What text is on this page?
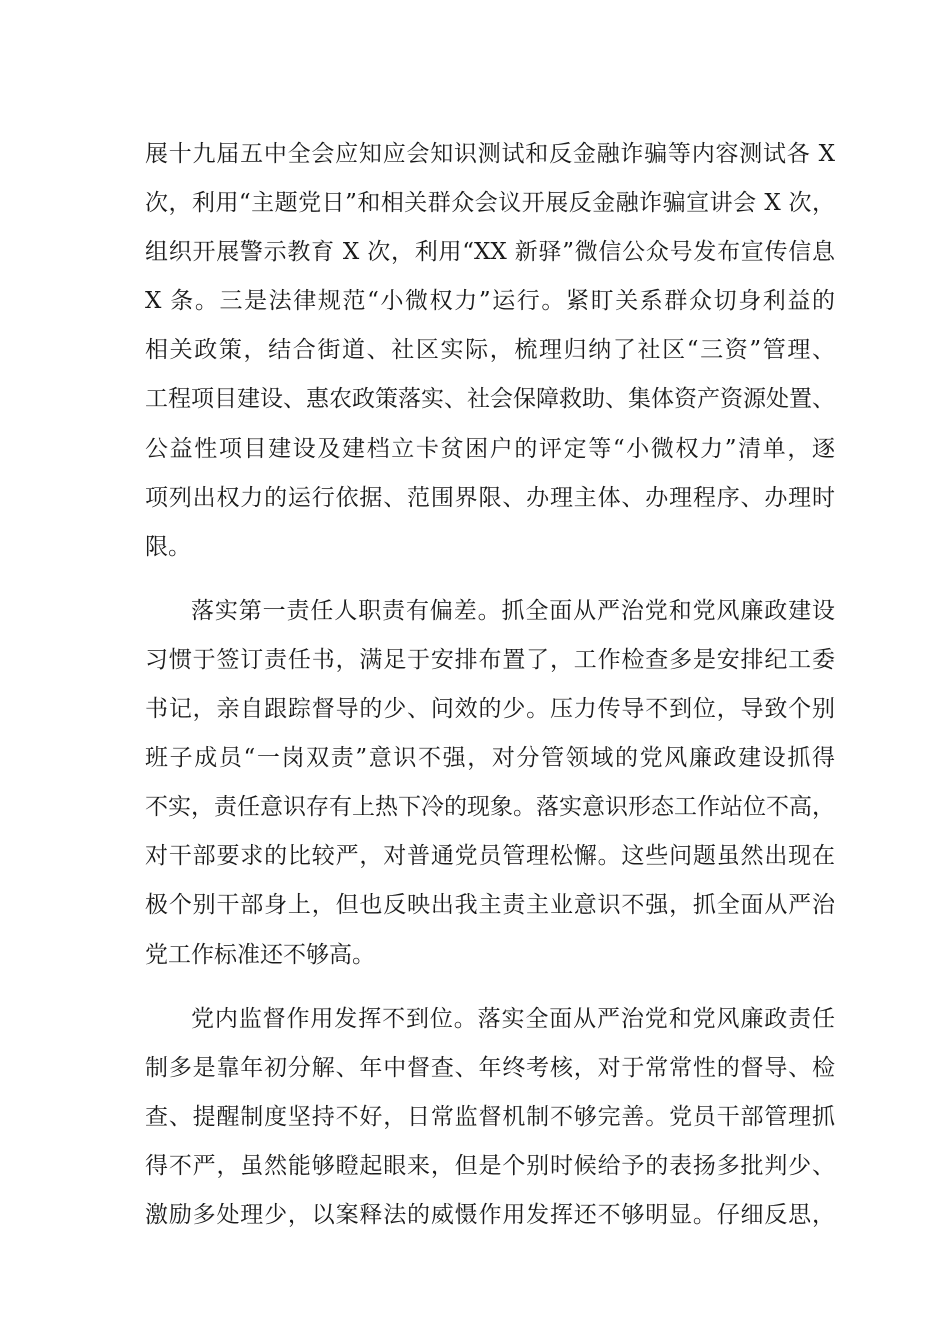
展十九届五中全会应知应会知识测试和反金融诈骗等内容测试各 X
次，利用“主题党日”和相关群众会议开展反金融诈骗宣讲会 X 次，
组织开展警示教育 X 次，利用“XX 新驿”微信公众号发布宣传信息
X 条。三是法律规范“小微权力”运行。紧盯关系群众切身利益的
相关政策，结合街道、社区实际，梳理归纳了社区“三资”管理、
工程项目建设、惠农政策落实、社会保障救助、集体资产资源处置、
公益性项目建设及建档立卡贫困户的评定等“小微权力”清单，逐
项列出权力的运行依据、范围界限、办理主体、办理程序、办理时
限。
落实第一责任人职责有偏差。抓全面从严治党和党风廉政建设
习惯于签订责任书，满足于安排布置了，工作检查多是安排纪工委
书记，亲自跟踪督导的少、问效的少。压力传导不到位，导致个别
班子成员“一岗双责”意识不强，对分管领域的党风廉政建设抓得
不实，责任意识存有上热下冷的现象。落实意识形态工作站位不高，
对干部要求的比较严，对普通党员管理松懈。这些问题虽然出现在
极个别干部身上，但也反映出我主责主业意识不强，抓全面从严治
党工作标准还不够高。
党内监督作用发挥不到位。落实全面从严治党和党风廉政责任
制多是靠年初分解、年中督查、年终考核，对于常常性的督导、检
查、提醒制度坚持不好，日常监督机制不够完善。党员干部管理抓
得不严，虽然能够瞪起眼来，但是个别时候给予的表扬多批判少、
激励多处理少，以案释法的威慑作用发挥还不够明显。仔细反思，
